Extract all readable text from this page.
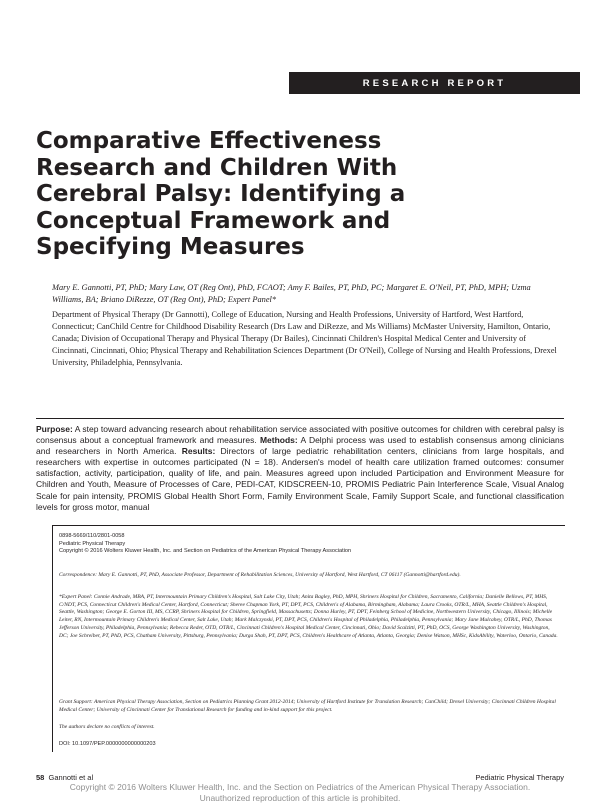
RESEARCH REPORT
Comparative Effectiveness Research and Children With Cerebral Palsy: Identifying a Conceptual Framework and Specifying Measures
Mary E. Gannotti, PT, PhD; Mary Law, OT (Reg Ont), PhD, FCAOT; Amy F. Bailes, PT, PhD, PC; Margaret E. O'Neil, PT, PhD, MPH; Uzma Williams, BA; Briano DiRezze, OT (Reg Ont), PhD; Expert Panel*
Department of Physical Therapy (Dr Gannotti), College of Education, Nursing and Health Professions, University of Hartford, West Hartford, Connecticut; CanChild Centre for Childhood Disability Research (Drs Law and DiRezze, and Ms Williams) McMaster University, Hamilton, Ontario, Canada; Division of Occupational Therapy and Physical Therapy (Dr Bailes), Cincinnati Children's Hospital Medical Center and University of Cincinnati, Cincinnati, Ohio; Physical Therapy and Rehabilitation Sciences Department (Dr O'Neil), College of Nursing and Health Professions, Drexel University, Philadelphia, Pennsylvania.
Purpose: A step toward advancing research about rehabilitation service associated with positive outcomes for children with cerebral palsy is consensus about a conceptual framework and measures. Methods: A Delphi process was used to establish consensus among clinicians and researchers in North America. Results: Directors of large pediatric rehabilitation centers, clinicians from large hospitals, and researchers with expertise in outcomes participated (N = 18). Andersen's model of health care utilization framed outcomes: consumer satisfaction, activity, participation, quality of life, and pain. Measures agreed upon included Participation and Environment Measure for Children and Youth, Measure of Processes of Care, PEDI-CAT, KIDSCREEN-10, PROMIS Pediatric Pain Interference Scale, Visual Analog Scale for pain intensity, PROMIS Global Health Short Form, Family Environment Scale, Family Support Scale, and functional classification levels for gross motor, manual
0898-5669/110/2801-0058
Pediatric Physical Therapy
Copyright © 2016 Wolters Kluwer Health, Inc. and Section on Pediatrics of the American Physical Therapy Association
Correspondence: Mary E. Gannotti, PT, PhD, Associate Professor, Department of Rehabilitation Sciences, University of Hartford, West Hartford, CT 06117 (Gannotti@hartford.edu).
*Expert Panel: Connie Andrade, MBA, PT, Intermountain Primary Children's Hospital, Salt Lake City, Utah; Anita Bagley, PhD, MPH, Shriners Hospital for Children, Sacramento, California; Danielle Bellows, PT, MHS, C/NDT, PCS, Connecticut Children's Medical Center, Hartford, Connecticut; Sheree Chapman York, PT, DPT, PCS, Children's of Alabama, Birmingham, Alabama; Laura Crooks, OTR/L, MHA, Seattle Children's Hospital, Seattle, Washington; George E. Gorton III, MS, CCRP, Shriners Hospital for Children, Springfield, Massachusetts; Donna Hurley, PT, DPT, Feinberg School of Medicine, Northwestern University, Chicago, Illinois; Michelle Leiter, RN, Intermountain Primary Children's Medical Center, Salt Lake, Utah; Mark Malczynski, PT, DPT, PCS, Children's Hospital of Philadelphia, Philadelphia, Pennsylvania; Mary Jane Mulcahey, OTR/L, PhD, Thomas Jefferson University, Philadelphia, Pennsylvania; Rebecca Reder, OTD, OTR/L, Cincinnati Children's Hospital Medical Center, Cincinnati, Ohio; David Scalzitti, PT, PhD, OCS, George Washington University, Washington, DC; Joe Schreiber, PT, PhD, PCS, Chatham University, Pittsburg, Pennsylvania; Durga Shah, PT, DPT, PCS, Children's Healthcare of Atlanta, Atlanta, Georgia; Denise Watson, MHSc, KidsAbility, Waterloo, Ontario, Canada.
Grant Support: American Physical Therapy Association, Section on Pediatrics Planning Grant 2012-2014; University of Hartford Institute for Translation Research; CanChild; Drexel University; Cincinnati Children Hospital Medical Center; University of Cincinnati Center for Translational Research for funding and in-kind support for this project.
The authors declare no conflicts of interest.
DOI: 10.1097/PEP.0000000000000203
58 Gannotti et al	Pediatric Physical Therapy
Copyright © 2016 Wolters Kluwer Health, Inc. and the Section on Pediatrics of the American Physical Therapy Association.
Unauthorized reproduction of this article is prohibited.
